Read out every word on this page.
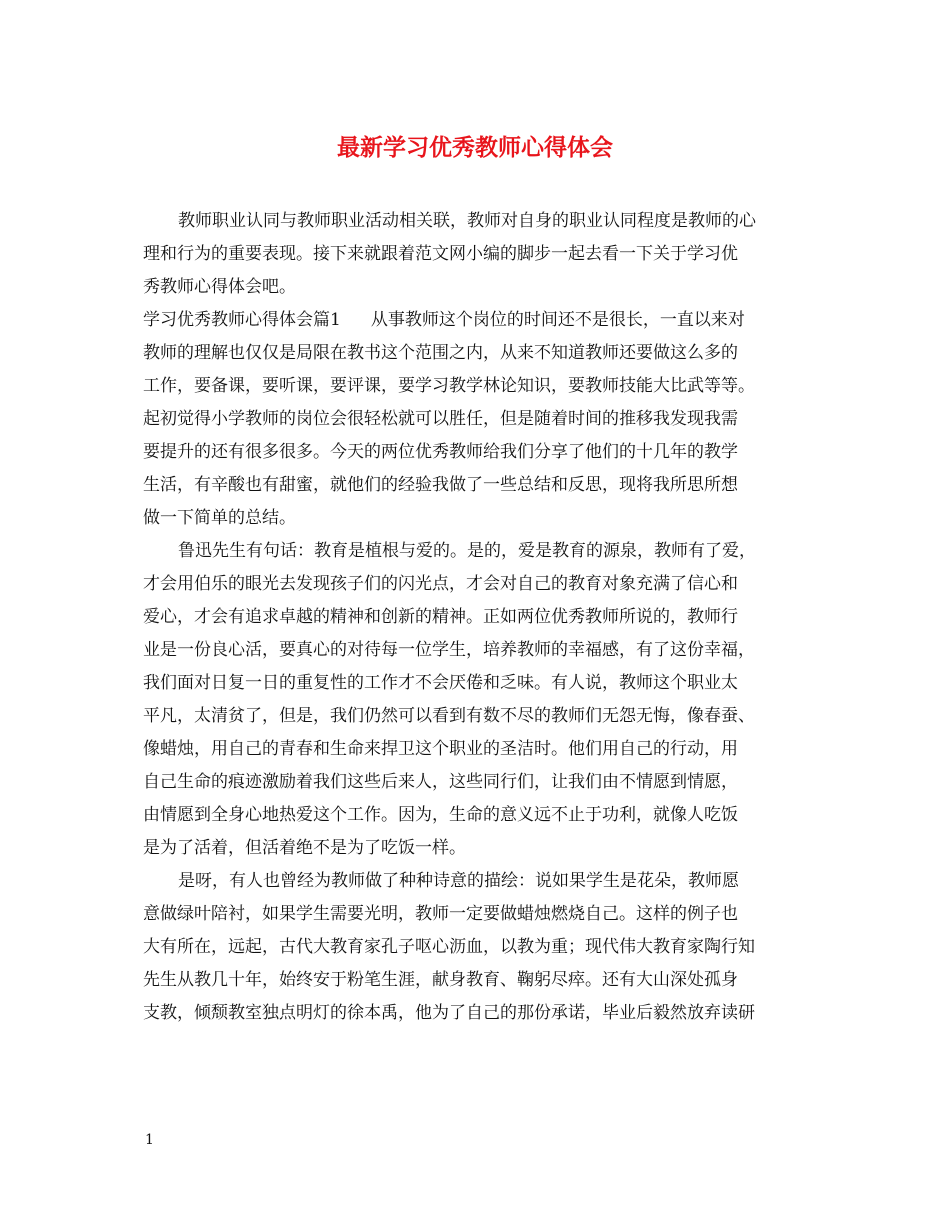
最新学习优秀教师心得体会
教师职业认同与教师职业活动相关联，教师对自身的职业认同程度是教师的心
理和行为的重要表现。接下来就跟着范文网小编的脚步一起去看一下关于学习优
秀教师心得体会吧。
学习优秀教师心得体会篇1 从事教师这个岗位的时间还不是很长，一直以来对
教师的理解也仅仅是局限在教书这个范围之内，从来不知道教师还要做这么多的
工作，要备课，要听课，要评课，要学习教学林论知识，要教师技能大比武等等。
起初觉得小学教师的岗位会很轻松就可以胜任，但是随着时间的推移我发现我需
要提升的还有很多很多。今天的两位优秀教师给我们分享了他们的十几年的教学
生活，有辛酸也有甜蜜，就他们的经验我做了一些总结和反思，现将我所思所想
做一下简单的总结。
鲁迅先生有句话：教育是植根与爱的。是的，爱是教育的源泉，教师有了爱，
才会用伯乐的眼光去发现孩子们的闪光点，才会对自己的教育对象充满了信心和
爱心，才会有追求卓越的精神和创新的精神。正如两位优秀教师所说的，教师行
业是一份良心活，要真心的对待每一位学生，培养教师的幸福感，有了这份幸福，
我们面对日复一日的重复性的工作才不会厌倦和乏味。有人说，教师这个职业太
平凡，太清贫了，但是，我们仍然可以看到有数不尽的教师们无怨无悔，像春蚕、
像蜡烛，用自己的青春和生命来捍卫这个职业的圣洁时。他们用自己的行动，用
自己生命的痕迹激励着我们这些后来人，这些同行们，让我们由不情愿到情愿，
由情愿到全身心地热爱这个工作。因为，生命的意义远不止于功利，就像人吃饭
是为了活着，但活着绝不是为了吃饭一样。
是呀，有人也曾经为教师做了种种诗意的描绘：说如果学生是花朵，教师愿
意做绿叶陪衬，如果学生需要光明，教师一定要做蜡烛燃烧自己。这样的例子也
大有所在，远起，古代大教育家孔子呕心沥血，以教为重；现代伟大教育家陶行知
先生从教几十年，始终安于粉笔生涯，献身教育、鞠躬尽瘁。还有大山深处孤身
支教，倾颓教室独点明灯的徐本禹，他为了自己的那份承诺，毕业后毅然放弃读研
1
